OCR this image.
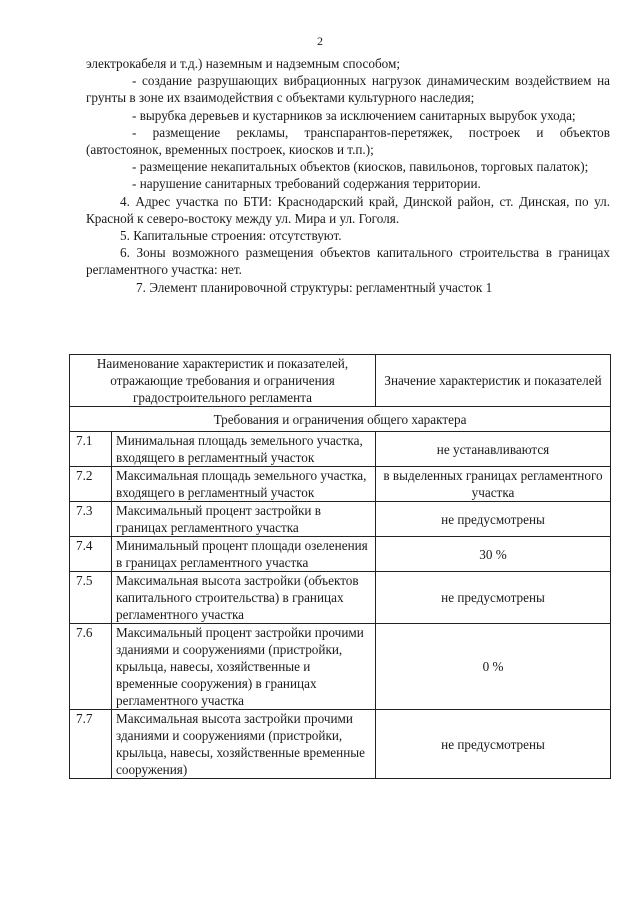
2

электрокабеля и т.д.) наземным и надземным способом;

- создание разрушающих вибрационных нагрузок динамическим воздействием на грунты в зоне их взаимодействия с объектами культурного наследия;

- вырубка деревьев и кустарников за исключением санитарных вырубок ухода;

- размещение рекламы, транспарантов-перетяжек, построек и объектов (автостоянок, временных построек, киосков и т.п.);

- размещение некапитальных объектов (киосков, павильонов, торговых палаток);

- нарушение санитарных требований содержания территории.

4. Адрес участка по БТИ: Краснодарский край, Динской район, ст. Динская, по ул. Красной к северо-востоку между ул. Мира и ул. Гоголя.

5. Капитальные строения: отсутствуют.

6. Зоны возможного размещения объектов капитального строительства в границах регламентного участка: нет.

7. Элемент планировочной структуры: регламентный участок 1

Наименование характеристик и показателей, отражающие требования и ограничения градостроительного регламента		Значение характеристик и показателей
Требования и ограничения общего характера		
7.1	Минимальная площадь земельного участка, входящего в регламентный участок	не устанавливаются
7.2	Максимальная площадь земельного участка, входящего в регламентный участок	в выделенных границах регламентного участка
7.3	Максимальный процент застройки в границах регламентного участка	не предусмотрены
7.4	Минимальный процент площади озеленения в границах регламентного участка	30 %
7.5	Максимальная высота застройки (объектов капитального строительства) в границах регламентного участка	не предусмотрены
7.6	Максимальный процент застройки прочими зданиями и сооружениями (пристройки, крыльца, навесы, хозяйственные и временные сооружения) в границах регламентного участка	0 %
7.7	Максимальная высота застройки прочими зданиями и сооружениями (пристройки, крыльца, навесы, хозяйственные временные сооружения)	не предусмотрены
